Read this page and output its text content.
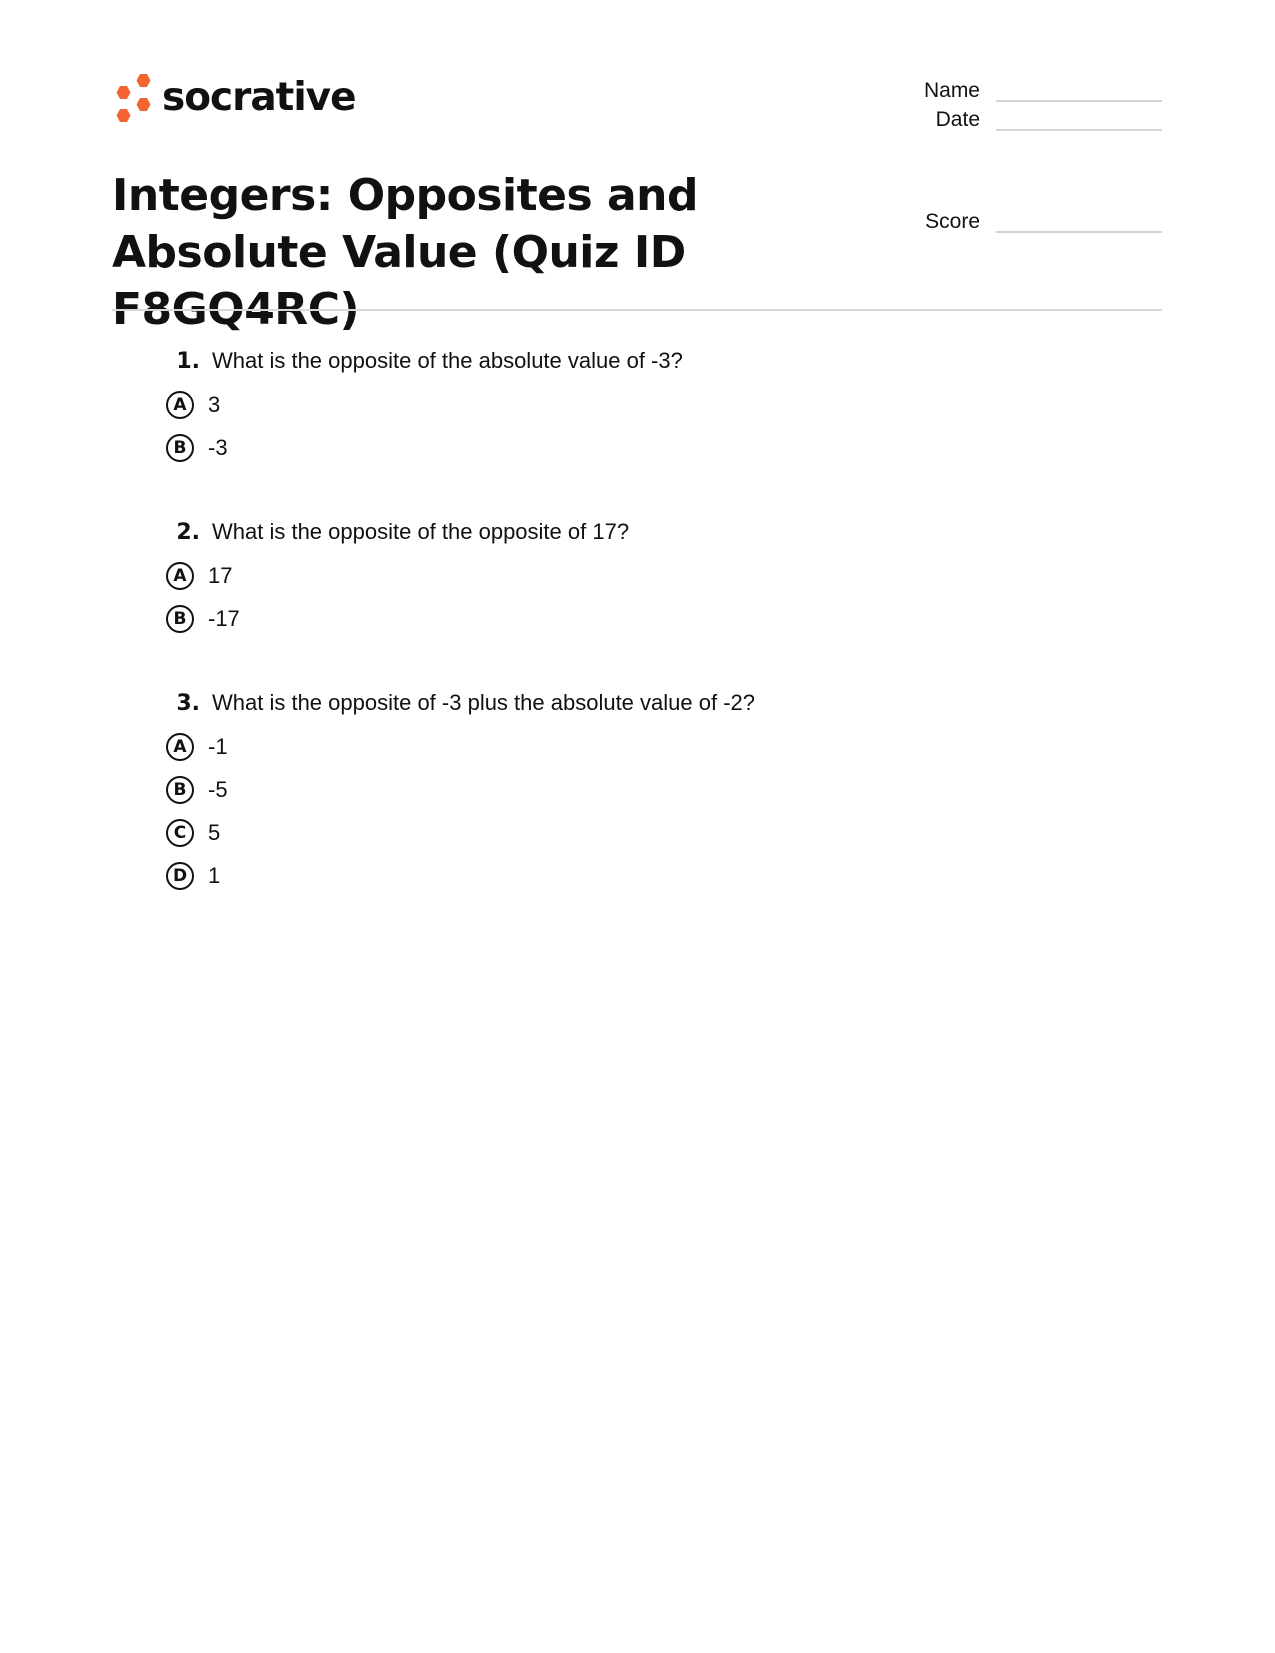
socrative
Integers: Opposites and Absolute Value (Quiz ID F8GQ4RC)
Name
Date
Score
1. What is the opposite of the absolute value of -3?
A 3
B -3
2. What is the opposite of the opposite of 17?
A 17
B -17
3. What is the opposite of -3 plus the absolute value of -2?
A -1
B -5
C 5
D 1
